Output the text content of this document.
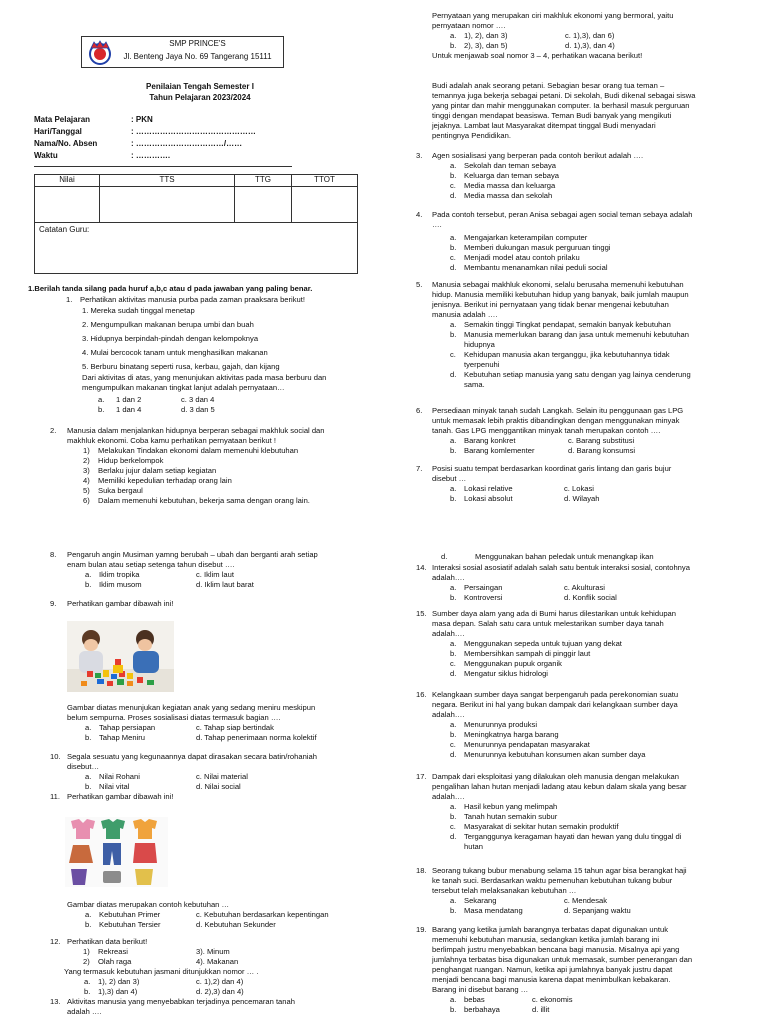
SMP PRINCE'S
Jl. Benteng Jaya No. 69 Tangerang 15111
Penilaian Tengah Semester I
Tahun Pelajaran 2023/2024
Mata Pelajaran	: PKN
Hari/Tanggal	: ………………………………………
Nama/No. Absen	: ……………………………/……
Waktu	: ………….
Nilai	TTS	TTG	TTOT

Catatan Guru:
1.Berilah tanda silang pada huruf a,b,c atau d pada jawaban yang paling benar.
1. Perhatikan aktivitas manusia purba pada zaman praaksara berikut!
1. Mereka sudah tinggal menetap
2. Mengumpulkan makanan berupa umbi dan buah
3. Hidupnya berpindah-pindah dengan kelompoknya
4. Mulai bercocok tanam untuk menghasilkan makanan
5. Berburu binatang seperti rusa, kerbau, gajah, dan kijang
Dari aktivitas di atas, yang menunjukan aktivitas pada masa berburu dan
mengumpulkan makanan tingkat lanjut adalah pernyataan…
a.	1 dan 2	c. 3 dan 4
b.	1 dan 4	d. 3 dan 5
2. Manusia dalam menjalankan hidupnya berperan sebagai makhluk social dan
makhluk ekonomi. Coba kamu perhatikan pernyataan berikut !
1)	Melakukan Tindakan ekonomi dalam memenuhi klebutuhan
2)	Hidup berkelompok
3)	Berlaku jujur dalam setiap kegiatan
4)	Memiliki kepedulian terhadap orang lain
5)	Suka bergaul
6)	Dalam memenuhi kebutuhan, bekerja sama dengan orang lain.
Pernyataan yang merupakan ciri makhluk ekonomi yang bermoral, yaitu
pernyataan nomor ….
a.	1), 2), dan 3)	c. 1),3), dan 6)
b.	2), 3), dan 5)	d. 1),3), dan 4)
Untuk menjawab soal nomor 3 – 4, perhatikan wacana berikut!
Budi adalah anak seorang petani. Sebagian besar orang tua teman –
temannya juga bekerja sebagai petani. Di sekolah, Budi dikenal sebagai siswa
yang pintar dan mahir menggunakan computer. Ia berhasil masuk perguruan
tinggi dengan mendapat beasiswa. Teman Budi banyak yang mengikuti
jejaknya. Lambat laut Masyarakat ditempat tinggal Budi menyadari
pentingnya Pendidikan.
3. Agen sosialisasi yang berperan pada contoh berikut adalah ….
a.	Sekolah dan teman sebaya
b.	Keluarga dan teman sebaya
c.	Media massa dan keluarga
d.	Media massa dan sekolah
4. Pada contoh tersebut, peran Anisa sebagai agen social teman sebaya adalah
….
a.	Mengajarkan keterampilan computer
b.	Memberi dukungan masuk perguruan tinggi
c.	Menjadi model atau contoh prilaku
d.	Membantu menanamkan nilai peduli social
5. Manusia sebagai makhluk ekonomi, selalu berusaha memenuhi kebutuhan
hidup. Manusia memiliki kebutuhan hidup yang banyak, baik jumlah maupun
jenisnya. Berikut ini pernyataan yang tidak benar mengenai kebutuhan
manusia adalah ….
a.	Semakin tinggi Tingkat pendapat, semakin banyak kebutuhan
b.	Manusia memerlukan barang dan jasa untuk memenuhi kebutuhan
hidupnya
c.	Kehidupan manusia akan terganggu, jika kebutuhannya tidak
tyerpenuhi
d.	Kebutuhan setiap manusia yang satu dengan yag lainya cenderung
sama.
6. Persediaan minyak tanah sudah Langkah. Selain itu penggunaan gas LPG
untuk memasak lebih praktis dibandingkan dengan menggunakan minyak
tanah. Gas LPG menggantikan minyak tanah merupakan contoh ….
a.	Barang konkret	c. Barang substitusi
b.	Barang komlementer	d. Barang konsumsi
7. Posisi suatu tempat berdasarkan koordinat garis lintang dan garis bujur
disebut …
a.	Lokasi relative	c. Lokasi
b.	Lokasi absolut	d. Wilayah
8. Pengaruh angin Musiman yamng berubah – ubah dan berganti arah setiap
enam bulan atau setiap setenga tahun disebut ….
a.	Iklim tropika	c. Iklim laut
b.	Iklim musom	d. Iklim laut barat
9. Perhatikan gambar dibawah ini!
Gambar diatas menunjukan kegiatan anak yang sedang meniru meskipun
belum sempurna. Proses sosialisasi diatas termasuk bagian ….
a.	Tahap persiapan	c. Tahap siap bertindak
b.	Tahap Meniru	d. Tahap penerimaan norma kolektif
10. Segala sesuatu yang kegunaannya dapat dirasakan secara batin/rohaniah
disebut…
a.	Nilai Rohani	c. Nilai material
b.	Nilai vital	d. Nilai social
11. Perhatikan gambar dibawah ini!
Gambar diatas merupakan contoh kebutuhan …
a.	Kebutuhan Primer	c. Kebutuhan berdasarkan kepentingan
b.	Kebutuhan Tersier	d. Kebutuhan Sekunder
12. Perhatikan data berikut!
1)	Rekreasi	3). Minum
2)	Olah raga	4). Makanan
Yang termasuk kebutuhan jasmani ditunjukkan nomor … .
a.	1), 2) dan 3)	c. 1),2) dan 4)
b.	1),3) dan 4)	d. 2),3) dan 4)
13. Aktivitas manusia yang menyebabkan terjadinya pencemaran tanah
adalah ….
d.	Menggunakan bahan peledak untuk menangkap ikan
14. Interaksi sosial asosiatif adalah salah satu bentuk interaksi sosial, contohnya
adalah….
a.	Persaingan	c. Akulturasi
b.	Kontroversi	d. Konflik social
15. Sumber daya alam yang ada di Bumi harus dilestarikan untuk kehidupan
masa depan. Salah satu cara untuk melestarikan sumber daya tanah
adalah….
a.	Menggunakan sepeda untuk tujuan yang dekat
b.	Membersihkan sampah di pinggir laut
c.	Menggunakan pupuk organik
d.	Mengatur siklus hidrologi
16. Kelangkaan sumber daya sangat berpengaruh pada perekonomian suatu
negara. Berikut ini hal yang bukan dampak dari kelangkaan sumber daya
adalah….
a.	Menurunnya produksi
b.	Meningkatnya harga barang
c.	Menurunnya pendapatan masyarakat
d.	Menurunnya kebutuhan konsumen akan sumber daya
17. Dampak dari eksploitasi yang dilakukan oleh manusia dengan melakukan
pengalihan lahan hutan menjadi ladang atau kebun dalam skala yang besar
adalah….
a.	Hasil kebun yang melimpah
b.	Tanah hutan semakin subur
c.	Masyarakat di sekitar hutan semakin produktif
d.	Terganggunya keragaman hayati dan hewan yang dulu tinggal di
hutan
18. Seorang tukang bubur menabung selama 15 tahun agar bisa berangkat haji
ke tanah suci. Berdasarkan waktu pemenuhan kebutuhan tukang bubur
tersebut telah melaksanakan kebutuhan …
a.	Sekarang	c. Mendesak
b.	Masa mendatang	d. Sepanjang waktu
19. Barang yang ketika jumlah barangnya terbatas dapat digunakan untuk
memenuhi kebutuhan manusia, sedangkan ketika jumlah barang ini
berlimpah justru menyebabkan bencana bagi manusia. Misalnya api yang
jumlahnya terbatas bisa digunakan untuk memasak, sumber penerangan dan
penghangat ruangan. Namun, ketika api jumlahnya banyak justru dapat
menjadi bencana bagi manusia karena dapat menimbulkan kebakaran.
Barang ini disebut barang …
a.	bebas	c. ekonomis
b.	berbahaya	d. illit
